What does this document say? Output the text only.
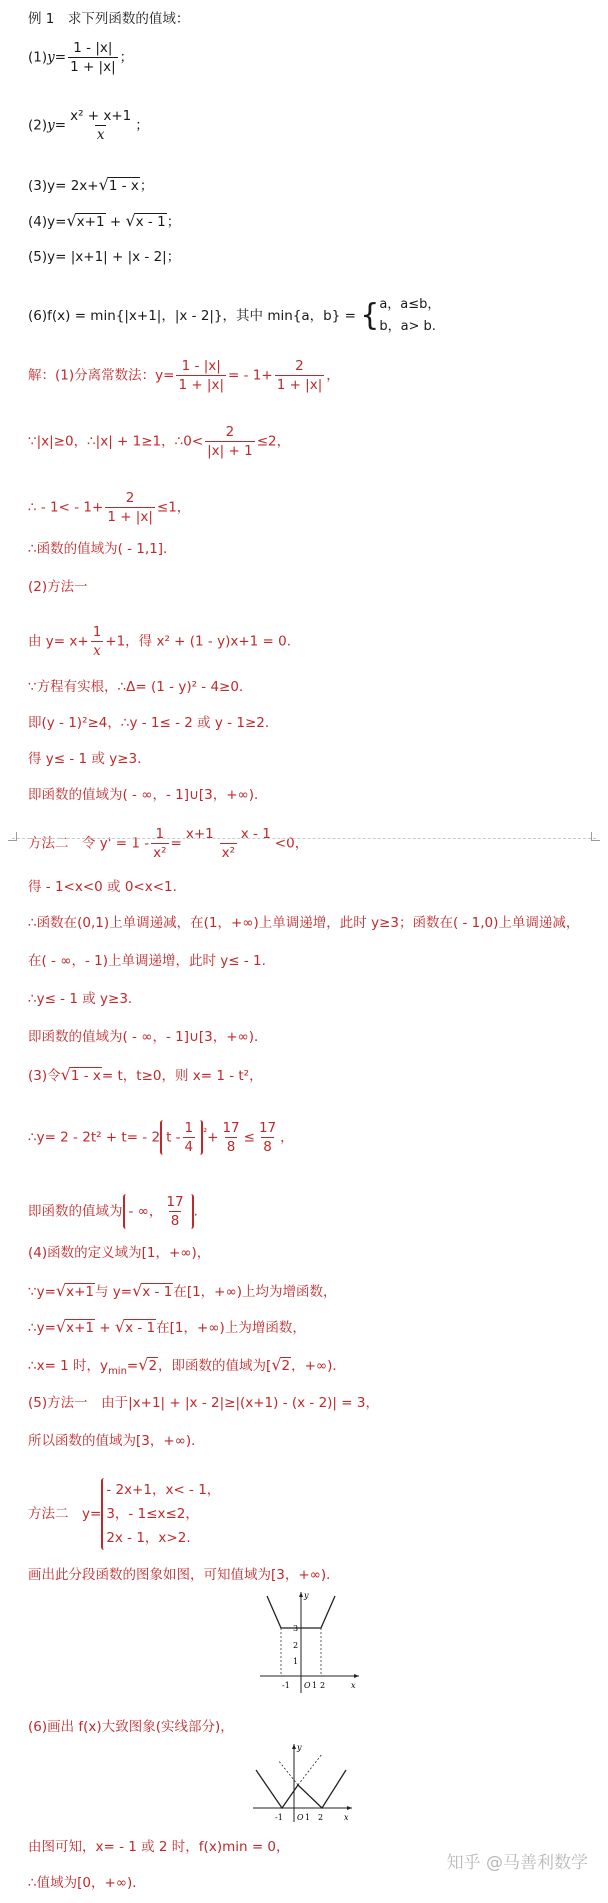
例 1　求下列函数的值域：
$(1)y= \frac{1 - |x|}{1 + |x|}$ ；
$(2)y= \frac{\text{x² + x+1}}{x}$ ；
(3)y= 2x+√1 - x；
(4)y=√x+1 + √x - 1；
(5)y= |x+1| + |x - 2|；
(6)f(x) = min{|x+1|，|x - 2|}，其中 min{a，b} = { a，a≤b，
b，a> b.
解：(1)分离常数法：$y= \frac{1 - |x|}{1 + |x|}$ = - $1+ \frac{2}{1 + |x|}$ ，
∵|x|≥0，∴|x| + 1≥1，∴0< $\frac{2}{|x| + 1} \le 2$，
∴ - $1< - 1+ \frac{2}{1 + |x|} \le 1$，
∴函数的值域为( - 1,1]．
(2)方法一
由 $y= x+ \frac{1}{x} +1$，得 x² + (1 - y)x+1 = 0.
∵方程有实根，∴Δ= (1 - y)² - 4≥0.
即(y - 1)²≥4，∴y - 1≤ - 2 或 y - 1≥2.
得 y≤ - 1 或 y≥3.
即函数的值域为( - ∞，- 1]∪[3，+∞)．
方法二　令 $y' = 1 - \frac{1}{\text{x²}} = \frac{x+1 x - 1}{\text{x²}} <0$，
得 - 1<x<0 或 0<x<1.
∴函数在(0,1)上单调递减，在(1，+∞)上单调递增，此时 y≥3；函数在( - 1,0)上单调递减，
在( - ∞，- 1)上单调递增，此时 y≤ - 1.
∴y≤ - 1 或 y≥3.
即函数的值域为( - ∞，- 1]∪[3，+∞)．
(3)令√1 - x= t，t≥0，则 x= 1 - t²，
∴y= 2 - 2t² + t= - 2 $t - \frac{1}{4} ^{^2}+ \frac{17}{8} \le \frac{17}{8}$ ，
即函数的值域为 - ∞， $\frac{17}{8}$ .
(4)函数的定义域为[1，+∞)，
∵y=√x+1与 y=√x - 1在[1，+∞)上均为增函数，
∴y=√x+1 + √x - 1在[1，+∞)上为增函数，
∴x= 1 时，$y_{min}=√2$，即函数的值域为[√2，+∞)．
(5)方法一　由于|x+1| + |x - 2|≥|(x+1) - (x - 2)| = 3，
所以函数的值域为[3，+∞)．
方法二　y=
- 2x+1，x< - 1，
3，- 1≤x≤2，
2x - 1，x>2.
画出此分段函数的图象如图，可知值域为[3，+∞)．
-1 O 1 2	x
3
2
1
y
(6)画出 f(x)大致图象(实线部分)，
-1 O 1 2	x
y
由图可知，x= - 1 或 2 时，f(x)min = 0，
∴值域为[0，+∞)．
知乎 @马善利数学
